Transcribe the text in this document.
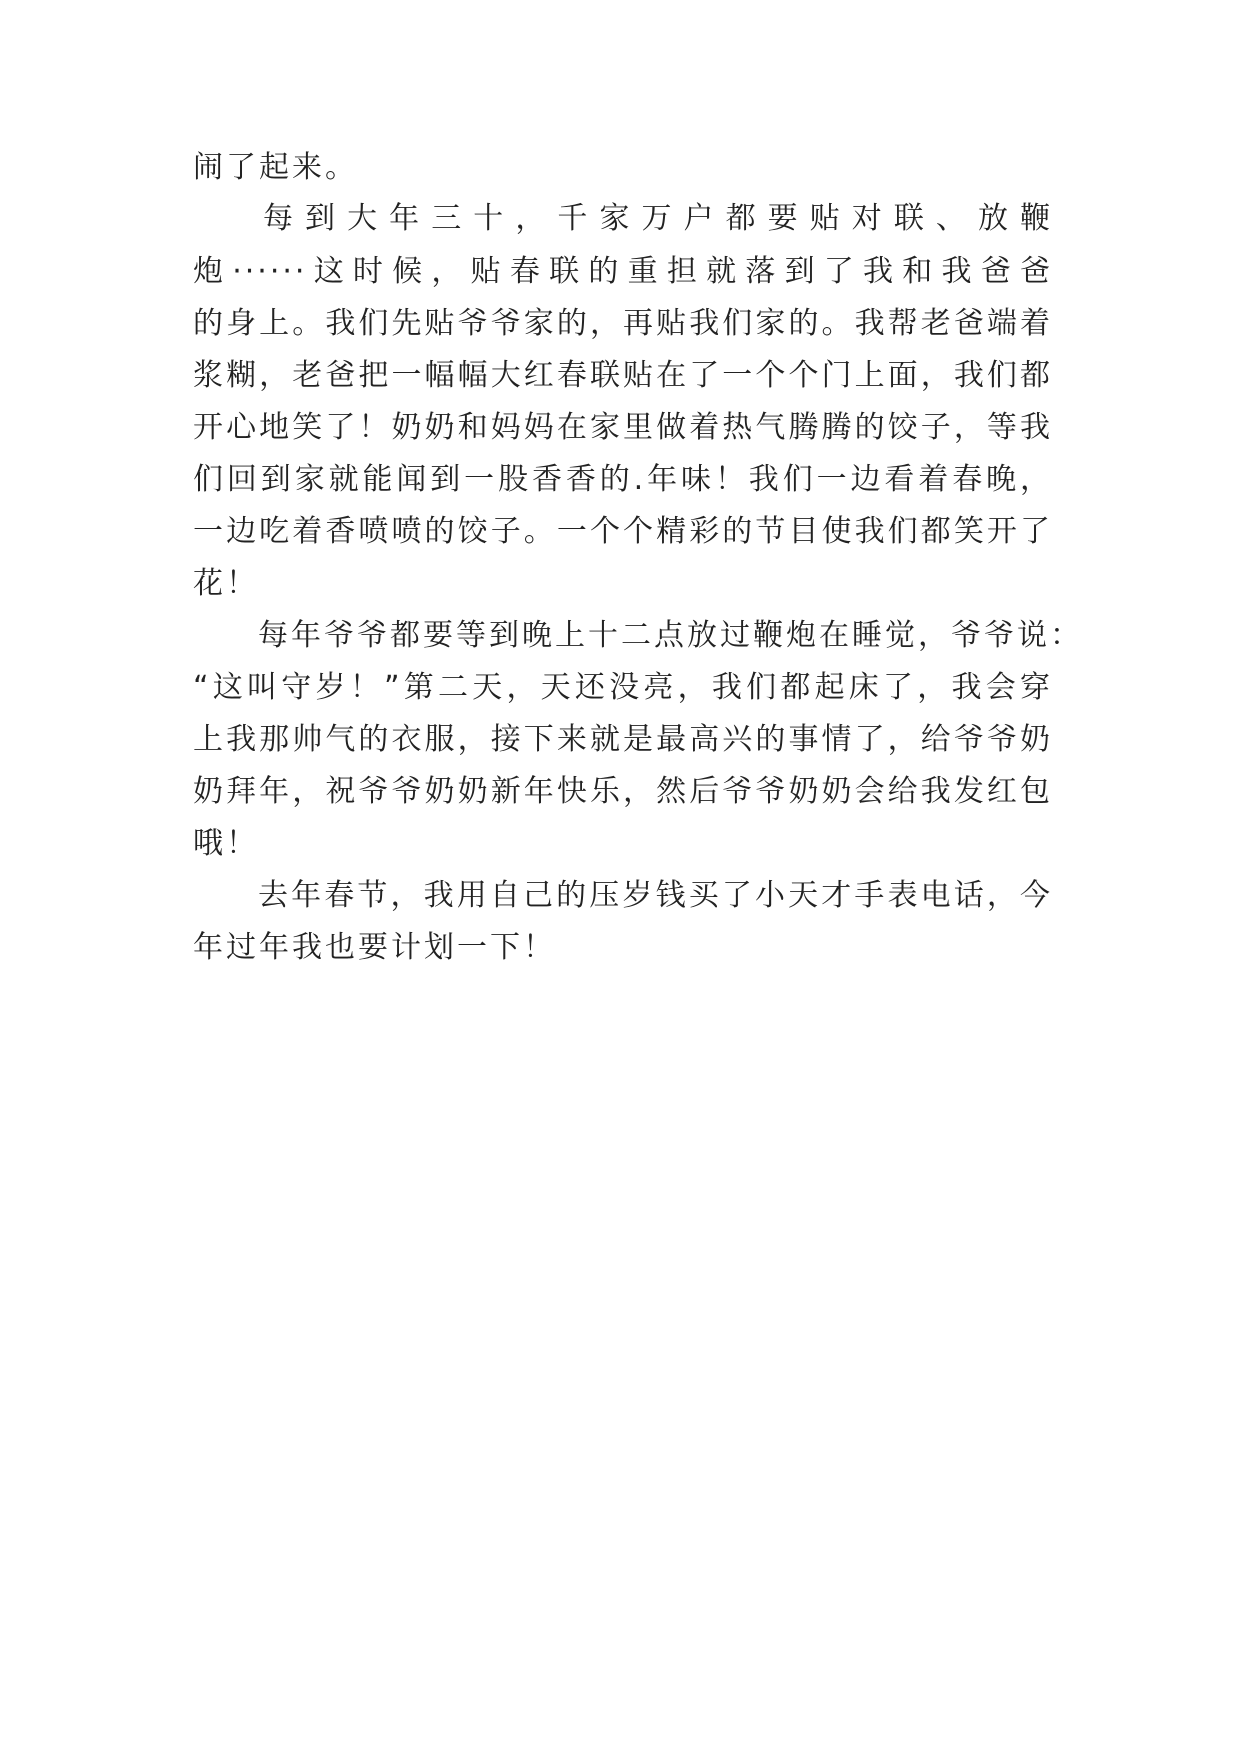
闹了起来。
每到大年三十，千家万户都要贴对联、放鞭
炮······这时候，贴春联的重担就落到了我和我爸爸
的身上。我们先贴爷爷家的，再贴我们家的。我帮老爸端着
浆糊，老爸把一幅幅大红春联贴在了一个个门上面，我们都
开心地笑了！奶奶和妈妈在家里做着热气腾腾的饺子，等我
们回到家就能闻到一股香香的.年味！我们一边看着春晚，
一边吃着香喷喷的饺子。一个个精彩的节目使我们都笑开了
花！
每年爷爷都要等到晚上十二点放过鞭炮在睡觉，爷爷说：
“这叫守岁！”第二天，天还没亮，我们都起床了，我会穿
上我那帅气的衣服，接下来就是最高兴的事情了，给爷爷奶
奶拜年，祝爷爷奶奶新年快乐，然后爷爷奶奶会给我发红包
哦！
去年春节，我用自己的压岁钱买了小天才手表电话，今
年过年我也要计划一下！
